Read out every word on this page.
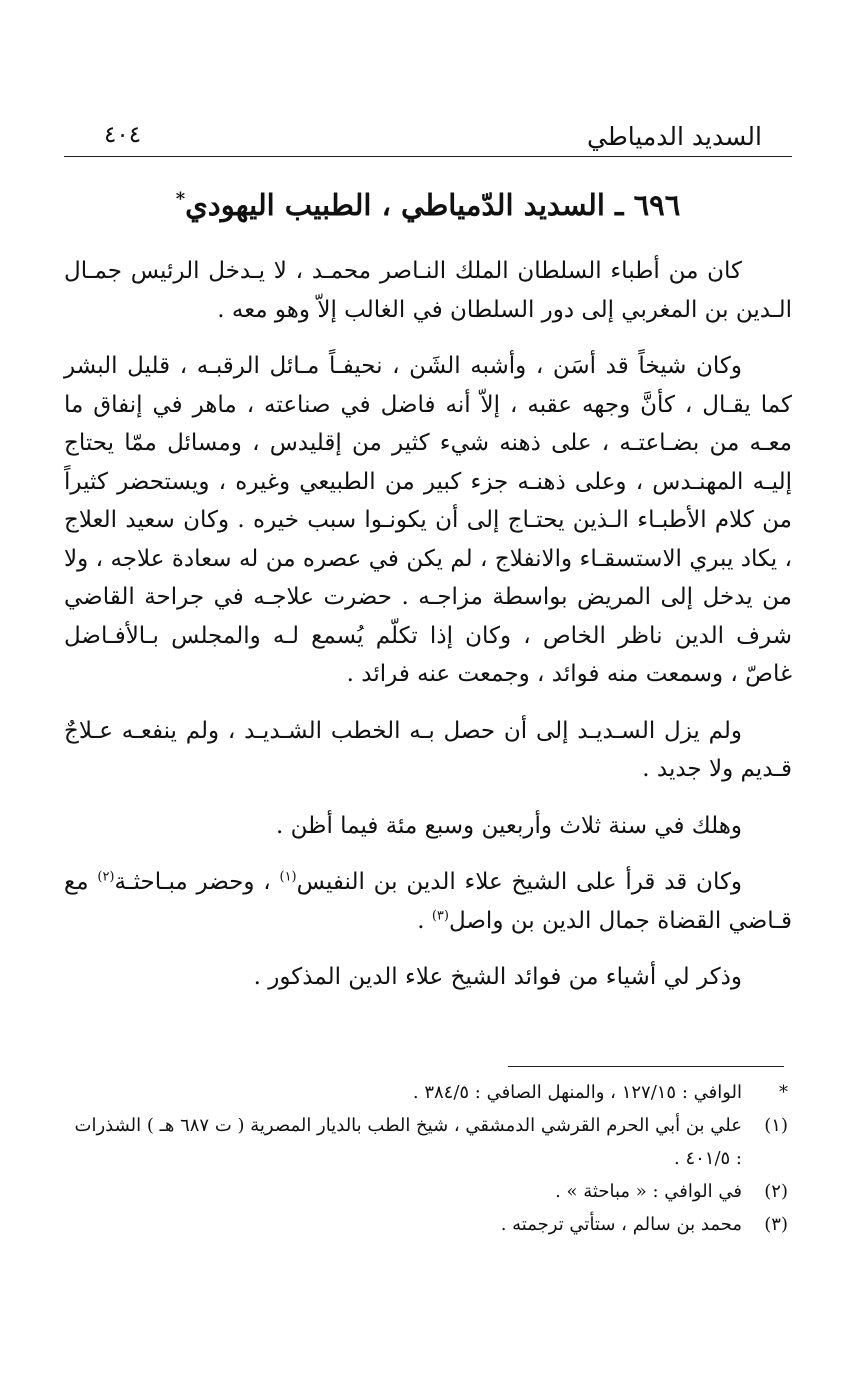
السديد الدمياطي
٤٠٤
٦٩٦ ـ السديد الدّمياطي ، الطبيب اليهودي*

كان من أطباء السلطان الملك النـاصر محمـد ، لا يـدخل الرئيس جمـال الـدين بن المغربي إلى دور السلطان في الغالب إلاّ وهو معه .

وكان شيخاً قد أسَن ، وأشبه الشَن ، نحيفـاً مـائل الرقبـه ، قليل البشر كما يقـال ، كأنَّ وجهه عقبه ، إلاّ أنه فاضل في صناعته ، ماهر في إنفاق ما معـه من بضـاعتـه ، على ذهنه شيء كثير من إقليدس ، ومسائل ممّا يحتاج إليـه المهنـدس ، وعلى ذهنـه جزء كبير من الطبيعي وغيره ، ويستحضر كثيراً من كلام الأطبـاء الـذين يحتـاج إلى أن يكونـوا سبب خيره . وكان سعيد العلاج ، يكاد يبري الاستسقـاء والانفلاج ، لم يكن في عصره من له سعادة علاجه ، ولا من يدخل إلى المريض بواسطة مزاجـه . حضرت علاجـه في جراحة القاضي شرف الدين ناظر الخاص ، وكان إذا تكلّم يُسمع لـه والمجلس بـالأفـاضل غاصّ ، وسمعت منه فوائد ، وجمعت عنه فرائد .

ولم يزل السـديـد إلى أن حصل بـه الخطب الشـديـد ، ولم ينفعـه عـلاجٌ قـديم ولا جديد .

وهلك في سنة ثلاث وأربعين وسبع مئة فيما أظن .

وكان قد قرأ على الشيخ علاء الدين بن النفيس$^{(١)}$ ، وحضر مبـاحثـة$^{(٢)}$ مع قـاضي القضاة جمال الدين بن واصل$^{(٣)}$ .

وذكر لي أشياء من فوائد الشيخ علاء الدين المذكور .

*
الوافي : ١٢٧/١٥ ، والمنهل الصافي : ٣٨٤/٥ .
(١)
علي بن أبي الحرم القرشي الدمشقي ، شيخ الطب بالديار المصرية ( ت ٦٨٧ هـ ) الشذرات : ٤٠١/٥ .
(٢)
في الوافي : « مباحثة » .
(٣)
محمد بن سالم ، ستأتي ترجمته .
